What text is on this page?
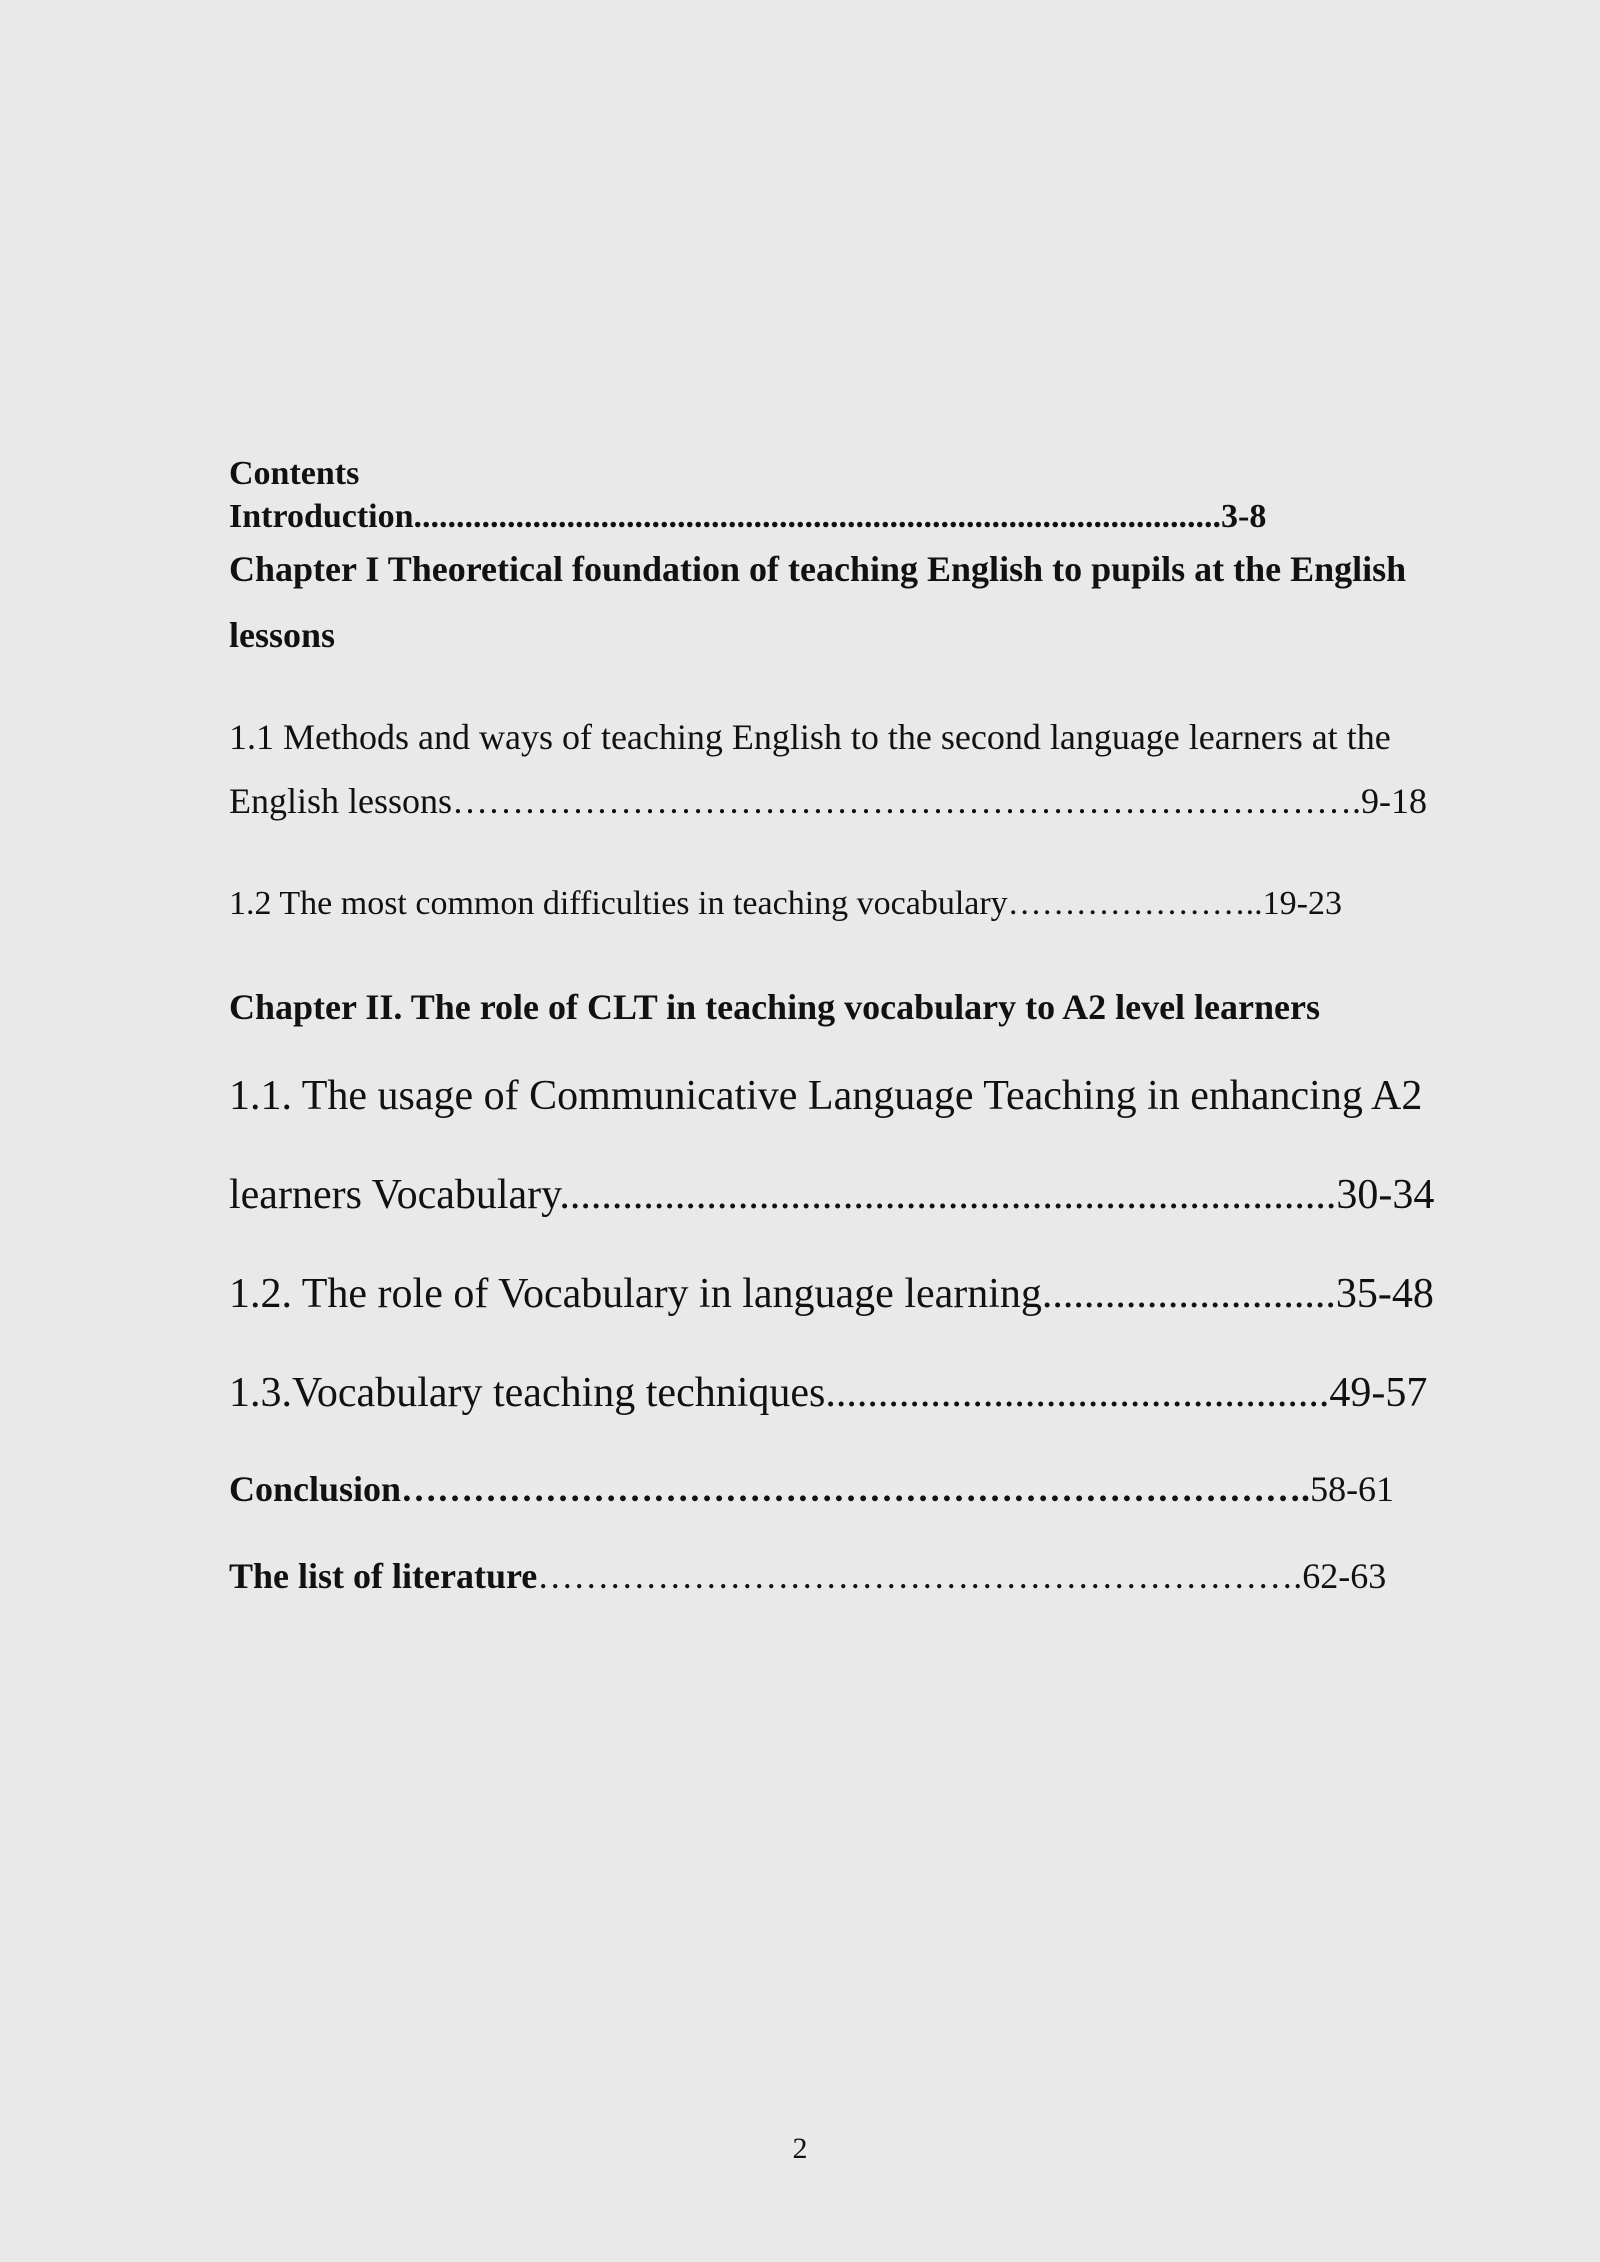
Contents

Introduction...............................................................................................3-8

Chapter I Theoretical foundation of teaching English to pupils at the English

lessons

1.1 Methods and ways of teaching English to the second language learners at the

English lessons………………………………………………………………….9-18

1.2 The most common difficulties in teaching vocabulary…………………..19-23

Chapter II. The role of CLT in teaching vocabulary to A2 level learners

1.1. The usage of Communicative Language Teaching in enhancing A2

learners Vocabulary..........................................................................30-34

1.2. The role of Vocabulary in language learning............................35-48

1.3.Vocabulary teaching techniques................................................49-57

Conclusion………………………………………………………………….58-61

The list of literature……………………………………………………….62-63

2
